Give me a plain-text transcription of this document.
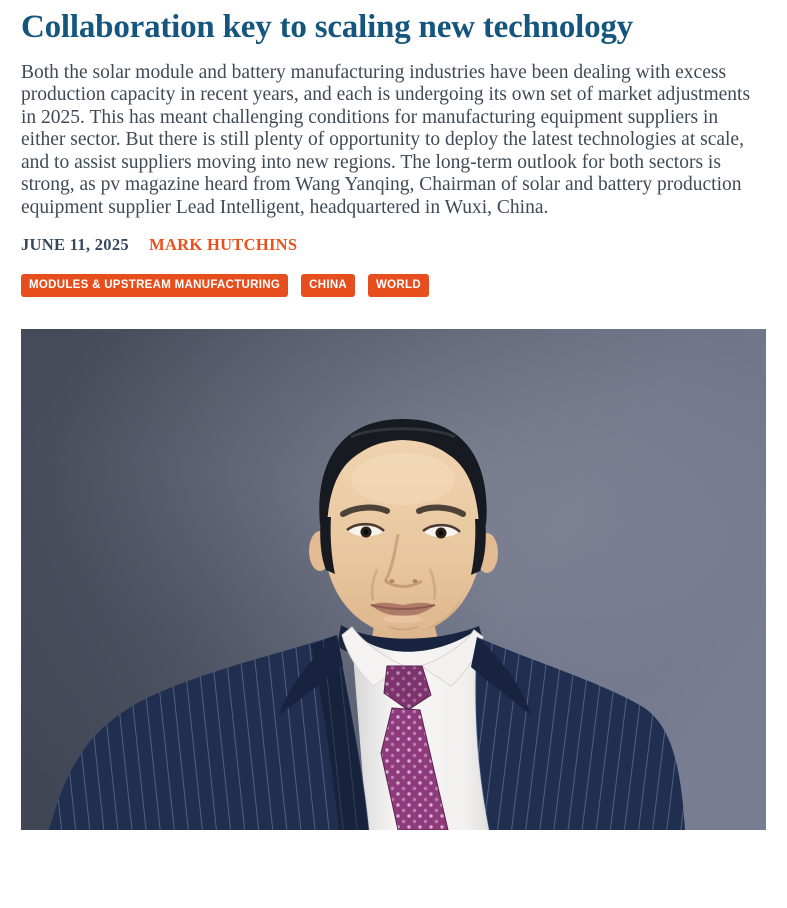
Collaboration key to scaling new technology

Both the solar module and battery manufacturing industries have been dealing with excess production capacity in recent years, and each is undergoing its own set of market adjustments in 2025. This has meant challenging conditions for manufacturing equipment suppliers in either sector. But there is still plenty of opportunity to deploy the latest technologies at scale, and to assist suppliers moving into new regions. The long-term outlook for both sectors is strong, as pv magazine heard from Wang Yanqing, Chairman of solar and battery production equipment supplier Lead Intelligent, headquartered in Wuxi, China.

JUNE 11, 2025 MARK HUTCHINS
MODULES & UPSTREAM MANUFACTURING	CHINA	WORLD
